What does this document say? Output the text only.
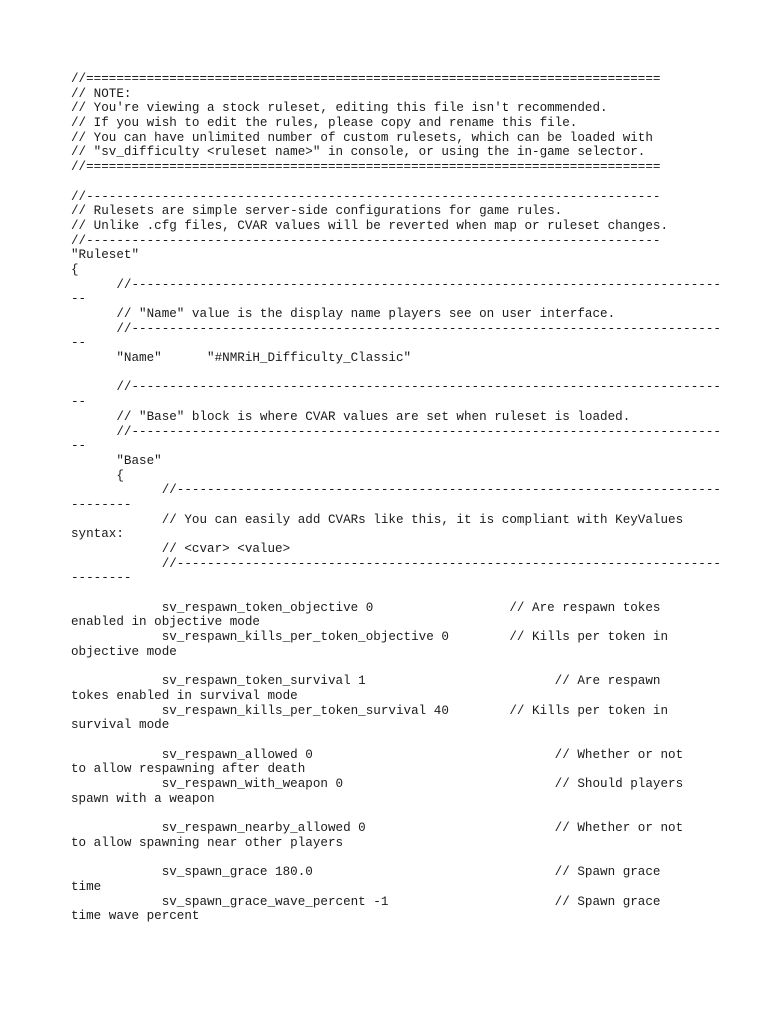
//============================================================================
// NOTE:
// You're viewing a stock ruleset, editing this file isn't recommended.
// If you wish to edit the rules, please copy and rename this file.
// You can have unlimited number of custom rulesets, which can be loaded with
// "sv_difficulty <ruleset name>" in console, or using the in-game selector.
//============================================================================
//----------------------------------------------------------------------------
// Rulesets are simple server-side configurations for game rules.
// Unlike .cfg files, CVAR values will be reverted when map or ruleset changes.
//----------------------------------------------------------------------------
"Ruleset"
{
//------------------------------------------------------------------------------
--
// "Name" value is the display name players see on user interface.
//------------------------------------------------------------------------------
--
"Name"      "#NMRiH_Difficulty_Classic"
//------------------------------------------------------------------------------
--
// "Base" block is where CVAR values are set when ruleset is loaded.
//------------------------------------------------------------------------------
--
"Base"
{
//------------------------------------------------------------------------
--------
// You can easily add CVARs like this, it is compliant with KeyValues
syntax:
// <cvar> <value>
//------------------------------------------------------------------------
--------
sv_respawn_token_objective 0                  // Are respawn tokes
enabled in objective mode
sv_respawn_kills_per_token_objective 0        // Kills per token in
objective mode
sv_respawn_token_survival 1                         // Are respawn
tokes enabled in survival mode
sv_respawn_kills_per_token_survival 40        // Kills per token in
survival mode
sv_respawn_allowed 0                                // Whether or not
to allow respawning after death
sv_respawn_with_weapon 0                            // Should players
spawn with a weapon
sv_respawn_nearby_allowed 0                         // Whether or not
to allow spawning near other players
sv_spawn_grace 180.0                                // Spawn grace
time
sv_spawn_grace_wave_percent -1                      // Spawn grace
time wave percent
